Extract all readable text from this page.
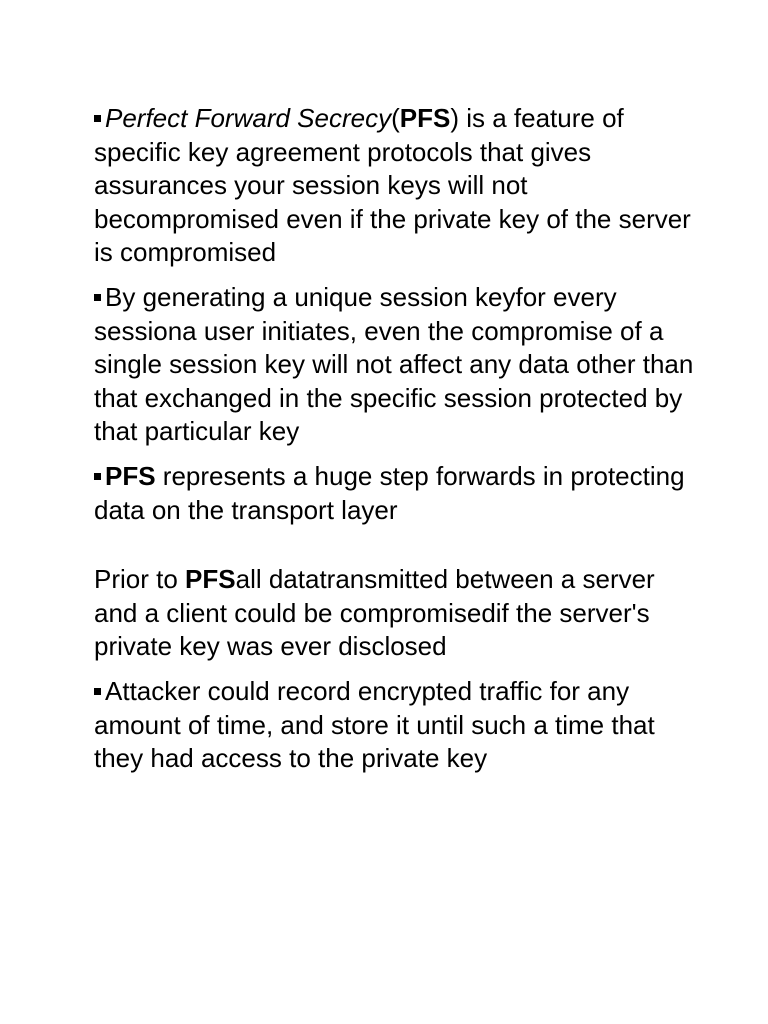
Perfect Forward Secrecy(PFS) is a feature of specific key agreement protocols that gives assurances your session keys will not becompromised even if the private key of the server is compromised

By generating a unique session keyfor every sessiona user initiates, even the compromise of a single session key will not affect any data other than that exchanged in the specific session protected by that particular key

PFS represents a huge step forwards in protecting data on the transport layer

Prior to PFSall datatransmitted between a server and a client could be compromisedif the server's private key was ever disclosed

Attacker could record encrypted traffic for any amount of time, and store it until such a time that they had access to the private key
